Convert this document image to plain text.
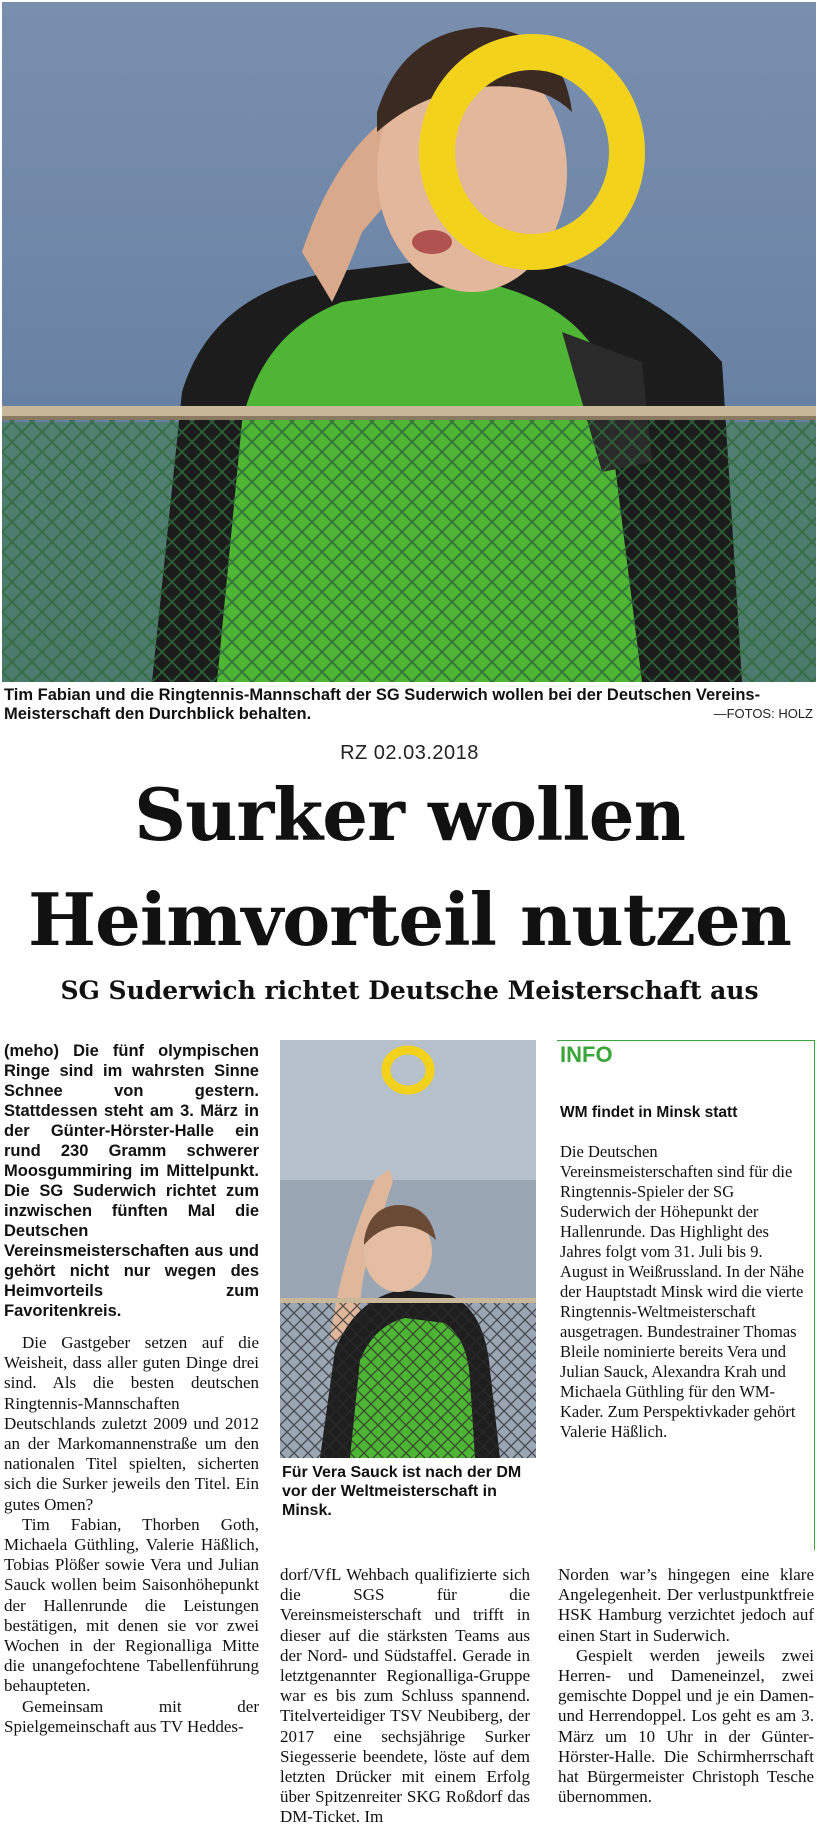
Tim Fabian und die Ringtennis-Mannschaft der SG Suderwich wollen bei der Deutschen Vereins-Meisterschaft den Durchblick behalten.	—FOTOS: HOLZ
RZ 02.03.2018
Surker wollen
Heimvorteil nutzen
SG Suderwich richtet Deutsche Meisterschaft aus

(meho) Die fünf olympischen Ringe sind im wahrsten Sinne Schnee von gestern. Stattdessen steht am 3. März in der Günter-Hörster-Halle ein rund 230 Gramm schwerer Moosgummiring im Mittelpunkt. Die SG Suderwich richtet zum inzwischen fünften Mal die Deutschen Vereinsmeisterschaften aus und gehört nicht nur wegen des Heimvorteils zum Favoritenkreis.

Die Gastgeber setzen auf die Weisheit, dass aller guten Dinge drei sind. Als die besten deutschen Ringtennis-Mannschaften Deutschlands zuletzt 2009 und 2012 an der Markomannenstraße um den nationalen Titel spielten, sicherten sich die Surker jeweils den Titel. Ein gutes Omen?

Tim Fabian, Thorben Goth, Michaela Güthling, Valerie Häßlich, Tobias Plößer sowie Vera und Julian Sauck wollen beim Saisonhöhepunkt der Hallenrunde die Leistungen bestätigen, mit denen sie vor zwei Wochen in der Regionalliga Mitte die unangefochtene Tabellenführung behaupteten.

Gemeinsam mit der Spielgemeinschaft aus TV Heddes-

Für Vera Sauck ist nach der DM vor der Weltmeisterschaft in Minsk.

dorf/VfL Wehbach qualifizierte sich die SGS für die Vereinsmeisterschaft und trifft in dieser auf die stärksten Teams aus der Nord- und Südstaffel. Gerade in letztgenannter Regionalliga-Gruppe war es bis zum Schluss spannend. Titelverteidiger TSV Neubiberg, der 2017 eine sechsjährige Surker Siegesserie beendete, löste auf dem letzten Drücker mit einem Erfolg über Spitzenreiter SKG Roßdorf das DM-Ticket. Im

INFO
WM findet in Minsk statt
Die Deutschen Vereinsmeisterschaften sind für die Ringtennis-Spieler der SG Suderwich der Höhepunkt der Hallenrunde. Das Highlight des Jahres folgt vom 31. Juli bis 9. August in Weißrussland. In der Nähe der Hauptstadt Minsk wird die vierte Ringtennis-Weltmeisterschaft ausgetragen. Bundestrainer Thomas Bleile nominierte bereits Vera und Julian Sauck, Alexandra Krah und Michaela Güthling für den WM-Kader. Zum Perspektivkader gehört Valerie Häßlich.

Norden war’s hingegen eine klare Angelegenheit. Der verlustpunktfreie HSK Hamburg verzichtet jedoch auf einen Start in Suderwich.

Gespielt werden jeweils zwei Herren- und Dameneinzel, zwei gemischte Doppel und je ein Damen- und Herrendoppel. Los geht es am 3. März um 10 Uhr in der Günter-Hörster-Halle. Die Schirmherrschaft hat Bürgermeister Christoph Tesche übernommen.
